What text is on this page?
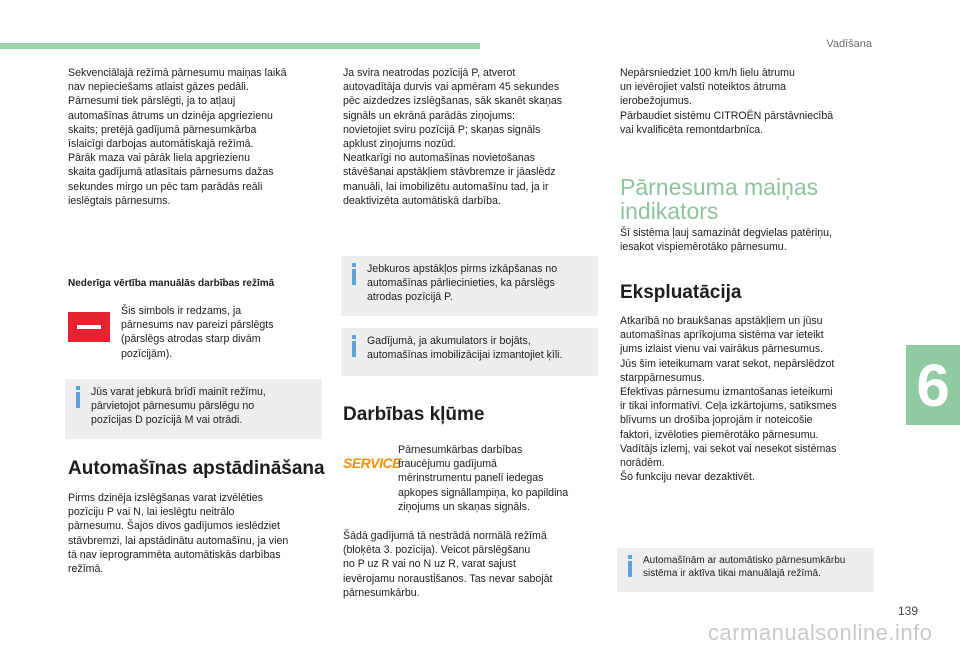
Vadīšana
6
139
carmanualsonline.info
Sekvenciālajā režīmā pārnesumu maiņas laikā
nav nepieciešams atlaist gāzes pedāli.
Pārnesumi tiek pārslēgti, ja to atļauj
automašīnas ātrums un dzinēja apgriezienu
skaits; pretējā gadījumā pārnesumkārba
īslaicīgi darbojas automātiskajā režīmā.
Pārāk maza vai pārāk liela apgriezienu
skaita gadījumā atlasītais pārnesums dažas
sekundes mirgo un pēc tam parādās reāli
ieslēgtais pārnesums.
Nederīga vērtība manuālās darbības režīmā
Šis simbols ir redzams, ja
pārnesums nav pareizi pārslēgts
(pārslēgs atrodas starp divām
pozīcijām).
Jūs varat jebkurā brīdī mainīt režīmu,
pārvietojot pārnesumu pārslēgu no
pozīcijas D pozīcijā M vai otrādi.
Automašīnas apstādināšana
Pirms dzinēja izslēgšanas varat izvēlēties
pozīciju P vai N, lai ieslēgtu neitrālo
pārnesumu. Šajos divos gadījumos ieslēdziet
stāvbremzi, lai apstādinātu automašīnu, ja vien
tā nav ieprogrammēta automātiskās darbības
režīmā.
Ja svira neatrodas pozīcijā P, atverot
autovadītāja durvis vai apmēram 45 sekundes
pēc aizdedzes izslēgšanas, sāk skanēt skaņas
signāls un ekrānā parādās ziņojums:
novietojiet sviru pozīcijā P; skaņas signāls
apklust ziņojums nozūd.
Neatkarīgi no automašīnas novietošanas
stāvēšanai apstākļiem stāvbremze ir jāaslēdz
manuāli, lai imobilizētu automašīnu tad, ja ir
deaktivizēta automātiskā darbība.
Jebkuros apstākļos pirms izkāpšanas no
automašīnas pārliecinieties, ka pārslēgs
atrodas pozīcijā P.
Gadījumā, ja akumulators ir bojāts,
automašīnas imobilizācijai izmantojiet ķīli.
Darbības kļūme
SERVICE
Pārnesumkārbas darbības
traucējumu gadījumā
mērinstrumentu panelī iedegas
apkopes signāllampiņa, ko papildina
ziņojums un skaņas signāls.
Šādā gadījumā tā nestrādā normālā režīmā
(bloķēta 3. pozīcija). Veicot pārslēgšanu
no P uz R vai no N uz R, varat sajust
ievērojamu norausti̇šanos. Tas nevar sabojāt
pārnesumkārbu.
Nepārsniedziet 100 km/h lielu ātrumu
un ievērojiet valstī noteiktos ātruma
ierobežojumus.
Pārbaudiet sistēmu CITROËN pārstāvniecībā
vai kvalificēta remontdarbnīca.
Pārnesuma maiņas
indikators
Šī sistēma ļauj samazināt degvielas patēriņu,
iesakot vispiemērotāko pārnesumu.
Ekspluatācija
Atkarībā no braukšanas apstākļiem un jūsu
automašīnas aprīkojuma sistēma var ieteikt
jums izlaist vienu vai vairākus pārnesumus.
Jūs šim ieteikumam varat sekot, nepārslēdzot
starppārnesumus.
Efektīvas pārnesumu izmantošanas ieteikumi
ir tikai informatīvi. Ceļa izkārtojums, satiksmes
blīvums un drošība joprojām ir noteicošie
faktori, izvēloties piemērotāko pārnesumu.
Vadītājs izlemj, vai sekot vai nesekot sistēmas
norādēm.
Šo funkciju nevar dezaktivēt.
Automašīnām ar automātisko pārnesumkārbu
sistēma ir aktīva tikai manuālajā režīmā.
